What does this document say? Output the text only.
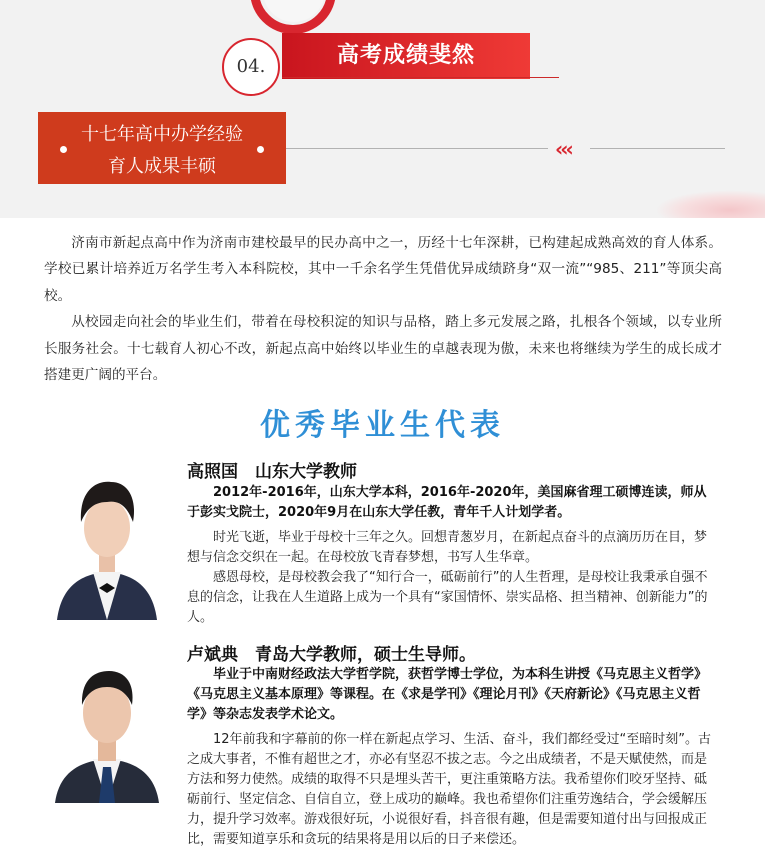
04.	高考成绩斐然
十七年高中办学经验
育人成果丰硕
‹‹‹

济南市新起点高中作为济南市建校最早的民办高中之一，历经十七年深耕，已构建起成熟高效的育人体系。学校已累计培养近万名学生考入本科院校，其中一千余名学生凭借优异成绩跻身“双一流”“985、211”等顶尖高校。

从校园走向社会的毕业生们，带着在母校积淀的知识与品格，踏上多元发展之路，扎根各个领域，以专业所长服务社会。十七载育人初心不改，新起点高中始终以毕业生的卓越表现为傲，未来也将继续为学生的成长成才搭建更广阔的平台。

优秀毕业生代表
高照国　山东大学教师
2012年-2016年，山东大学本科，2016年-2020年，美国麻省理工硕博连读，师从于彭实戈院士，2020年9月在山东大学任教，青年千人计划学者。

时光飞逝，毕业于母校十三年之久。回想青葱岁月，在新起点奋斗的点滴历历在目，梦想与信念交织在一起。在母校放飞青春梦想，书写人生华章。

感恩母校，是母校教会我了“知行合一，砥砺前行”的人生哲理，是母校让我秉承自强不息的信念，让我在人生道路上成为一个具有“家国情怀、崇实品格、担当精神、创新能力”的人。

卢斌典　青岛大学教师，硕士生导师。
毕业于中南财经政法大学哲学院，获哲学博士学位，为本科生讲授《马克思主义哲学》《马克思主义基本原理》等课程。在《求是学刊》《理论月刊》《天府新论》《马克思主义哲学》等杂志发表学术论文。

12年前我和字幕前的你一样在新起点学习、生活、奋斗，我们都经受过“至暗时刻”。古之成大事者，不惟有超世之才，亦必有坚忍不拔之志。今之出成绩者，不是天赋使然，而是方法和努力使然。成绩的取得不只是埋头苦干，更注重策略方法。我希望你们咬牙坚持、砥砺前行、坚定信念、自信自立，登上成功的巅峰。我也希望你们注重劳逸结合，学会缓解压力，提升学习效率。游戏很好玩，小说很好看，抖音很有趣，但是需要知道付出与回报成正比，需要知道享乐和贪玩的结果将是用以后的日子来偿还。
